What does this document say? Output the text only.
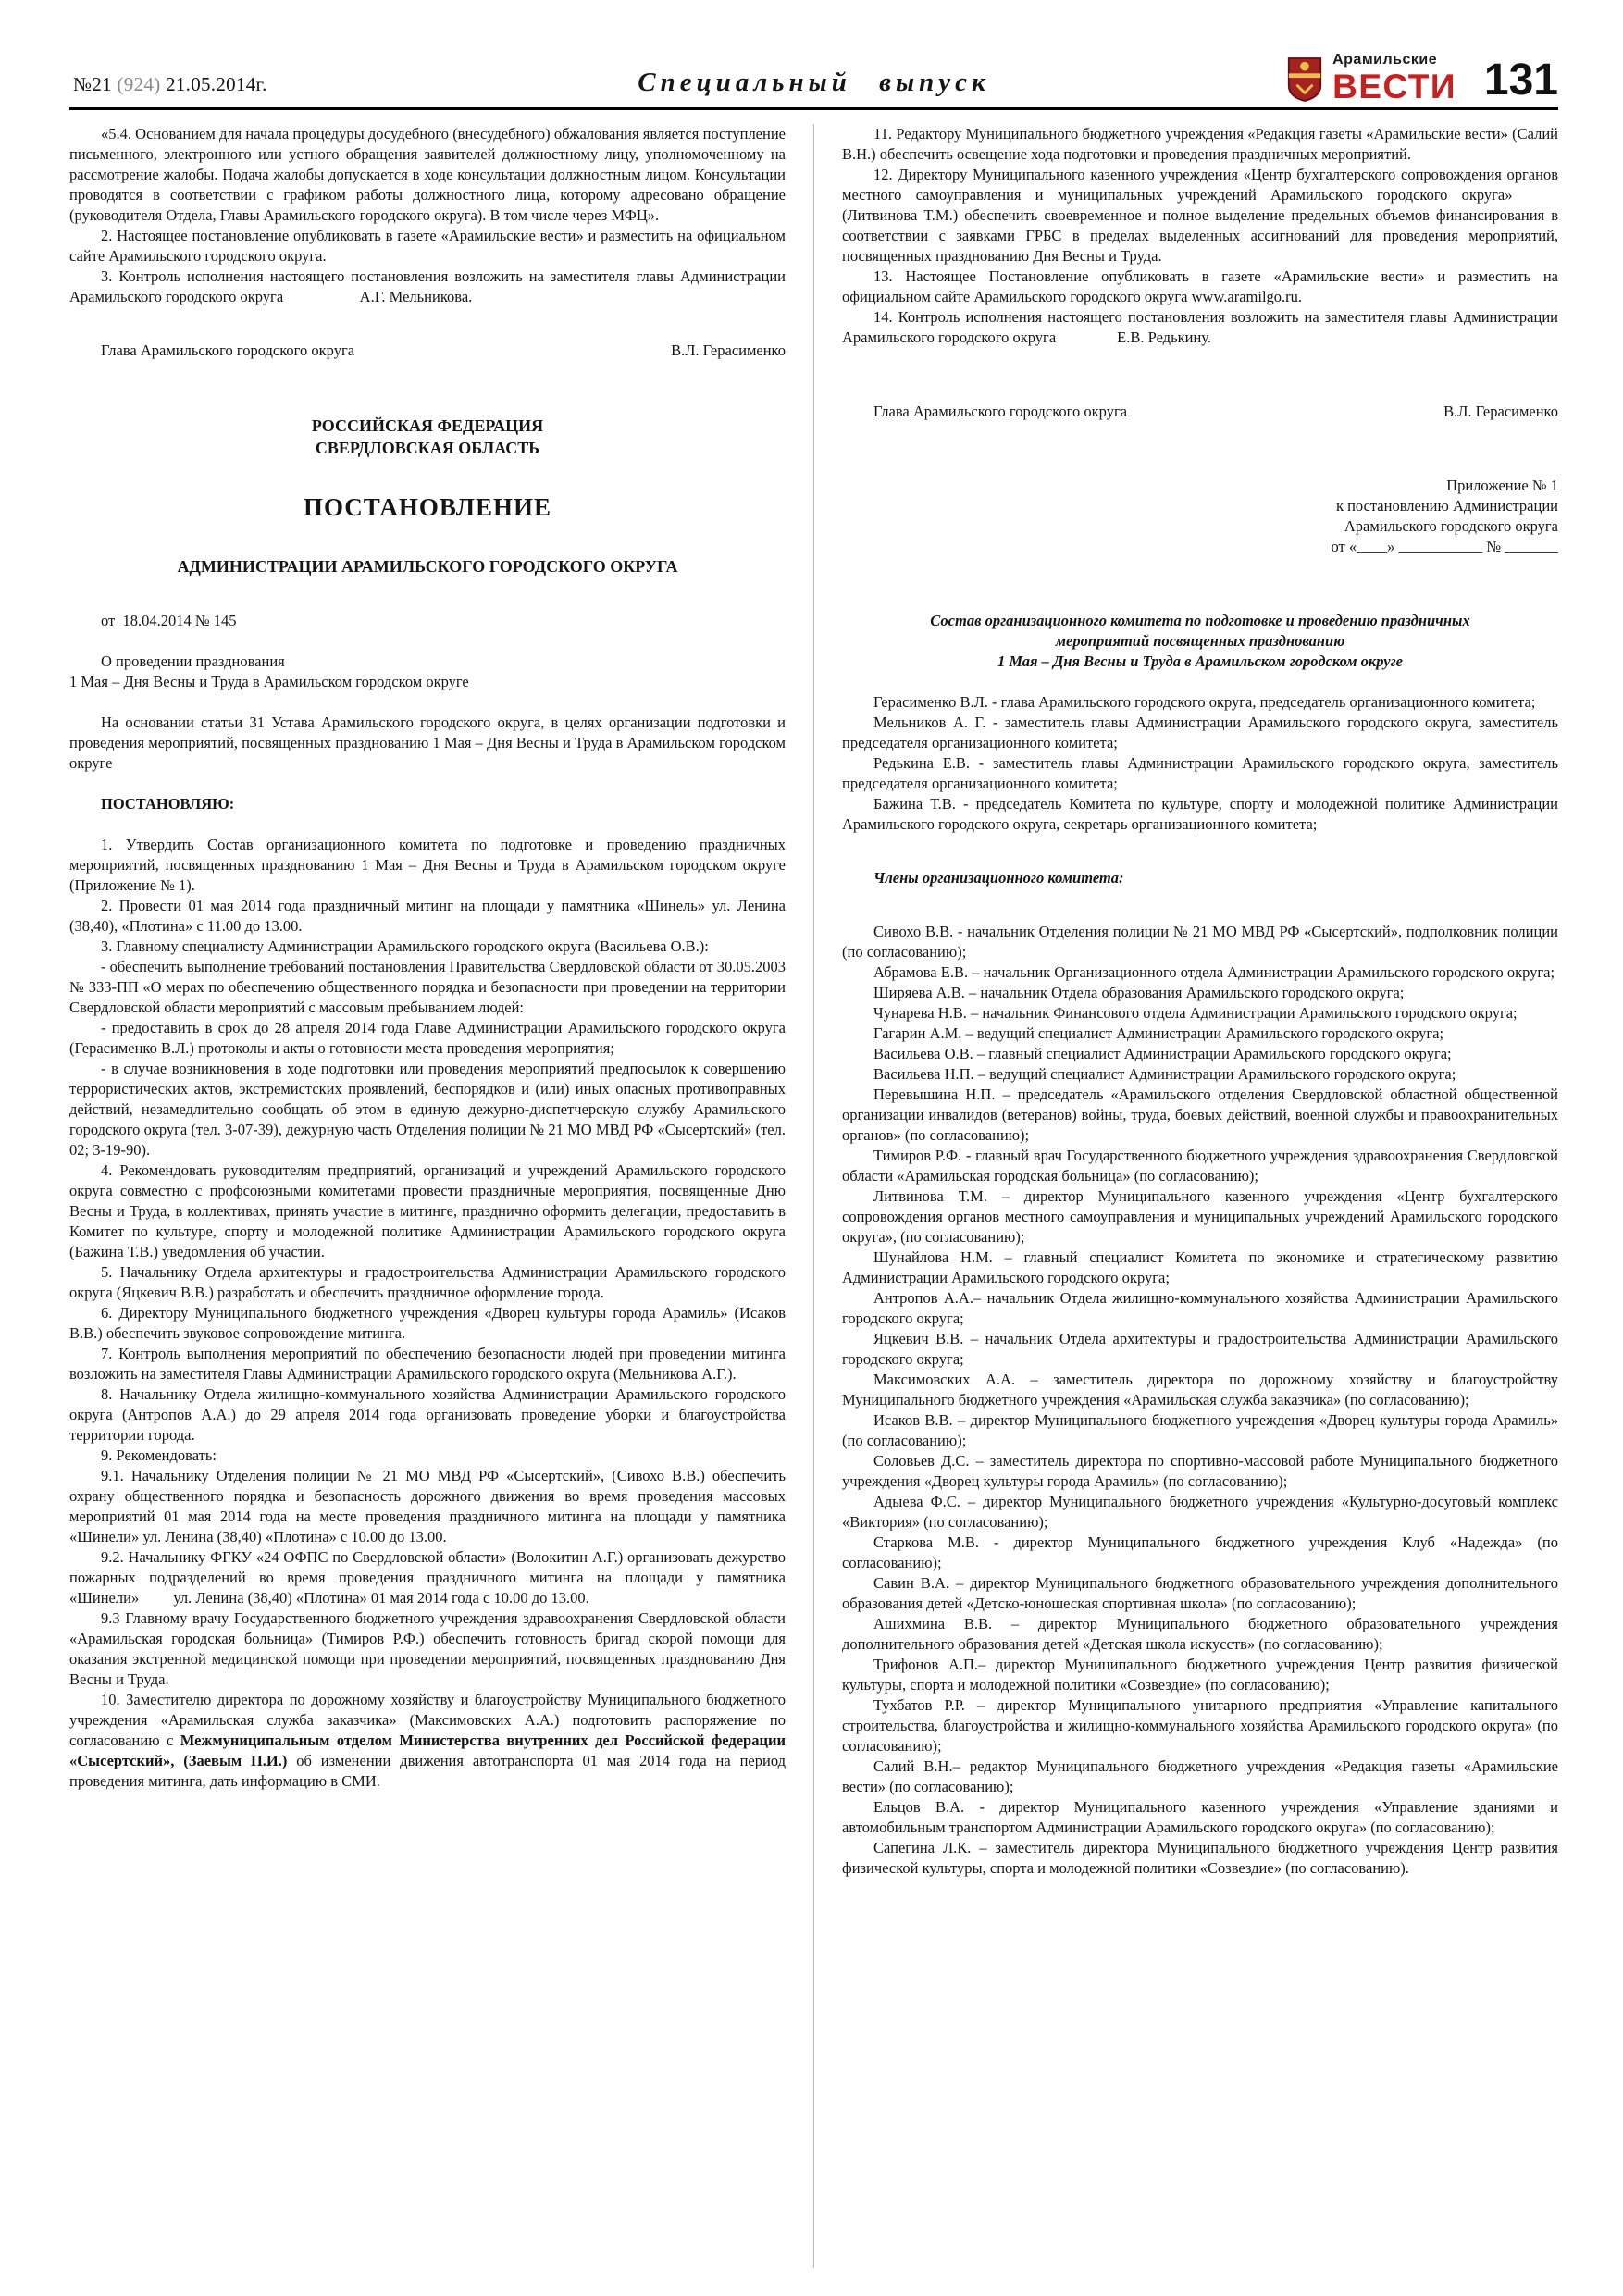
№21 (924) 21.05.2014г.	Специальный выпуск
Арамильские
ВЕСТИ 131

«5.4. Основанием для начала процедуры досудебного (внесудебного) обжалования является поступление письменного, электронного или устного обращения заявителей должностному лицу, уполномоченному на рассмотрение жалобы. Подача жалобы допускается в ходе консультации должностным лицом. Консультации проводятся в соответствии с графиком работы должностного лица, которому адресовано обращение (руководителя Отдела, Главы Арамильского городского округа). В том числе через МФЦ».

2. Настоящее постановление опубликовать в газете «Арамильские вести» и разместить на официальном сайте Арамильского городского округа.

3. Контроль исполнения настоящего постановления возложить на заместителя главы Администрации Арамильского городского округа     А.Г. Мельникова.

Глава Арамильского городского округа	В.Л. Герасименко

РОССИЙСКАЯ ФЕДЕРАЦИЯ
СВЕРДЛОВСКАЯ ОБЛАСТЬ

ПОСТАНОВЛЕНИЕ

АДМИНИСТРАЦИИ АРАМИЛЬСКОГО ГОРОДСКОГО ОКРУГА

от_18.04.2014 № 145

О проведении празднования
1 Мая – Дня Весны и Труда в Арамильском городском округе

На основании статьи 31 Устава Арамильского городского округа, в целях организации подготовки и проведения мероприятий, посвященных празднованию 1 Мая – Дня Весны и Труда в Арамильском городском округе

ПОСТАНОВЛЯЮ:

1. Утвердить Состав организационного комитета по подготовке и проведению праздничных мероприятий, посвященных празднованию 1 Мая – Дня Весны и Труда в Арамильском городском округе (Приложение № 1).

2. Провести 01 мая 2014 года праздничный митинг на площади у памятника «Шинель» ул. Ленина (38,40), «Плотина» с 11.00 до 13.00.

3. Главному специалисту Администрации Арамильского городского округа (Васильева О.В.):

- обеспечить выполнение требований постановления Правительства Свердловской области от 30.05.2003 № 333-ПП «О мерах по обеспечению общественного порядка и безопасности при проведении на территории Свердловской области мероприятий с массовым пребыванием людей:

- предоставить в срок до 28 апреля 2014 года Главе Администрации Арамильского городского округа (Герасименко В.Л.) протоколы и акты о готовности места проведения мероприятия;

- в случае возникновения в ходе подготовки или проведения мероприятий предпосылок к совершению террористических актов, экстремистских проявлений, беспорядков и (или) иных опасных противоправных действий, незамедлительно сообщать об этом в единую дежурно-диспетчерскую службу Арамильского городского округа (тел. 3-07-39), дежурную часть Отделения полиции № 21 МО МВД РФ «Сысертский» (тел. 02; 3-19-90).

4. Рекомендовать руководителям предприятий, организаций и учреждений Арамильского городского округа совместно с профсоюзными комитетами провести праздничные мероприятия, посвященные Дню Весны и Труда, в коллективах, принять участие в митинге, празднично оформить делегации, предоставить в Комитет по культуре, спорту и молодежной политике Администрации Арамильского городского округа (Бажина Т.В.) уведомления об участии.

5. Начальнику Отдела архитектуры и градостроительства Администрации Арамильского городского округа (Яцкевич В.В.) разработать и обеспечить праздничное оформление города.

6. Директору Муниципального бюджетного учреждения «Дворец культуры города Арамиль» (Исаков В.В.) обеспечить звуковое сопровождение митинга.

7. Контроль выполнения мероприятий по обеспечению безопасности людей при проведении митинга возложить на заместителя Главы Администрации Арамильского городского округа (Мельникова А.Г.).

8. Начальнику Отдела жилищно-коммунального хозяйства Администрации Арамильского городского округа (Антропов А.А.) до 29 апреля 2014 года организовать проведение уборки и благоустройства территории города.

9. Рекомендовать:

9.1. Начальнику Отделения полиции № 21 МО МВД РФ «Сысертский», (Сивохо В.В.) обеспечить охрану общественного порядка и безопасность дорожного движения во время проведения массовых мероприятий 01 мая 2014 года на месте проведения праздничного митинга на площади у памятника «Шинели» ул. Ленина (38,40) «Плотина» с 10.00 до 13.00.

9.2. Начальнику ФГКУ «24 ОФПС по Свердловской области» (Волокитин А.Г.) организовать дежурство пожарных подразделений во время проведения праздничного митинга на площади у памятника «Шинели»   ул. Ленина (38,40) «Плотина» 01 мая 2014 года с 10.00 до 13.00.

9.3 Главному врачу Государственного бюджетного учреждения здравоохранения Свердловской области «Арамильская городская больница» (Тимиров Р.Ф.) обеспечить готовность бригад скорой помощи для оказания экстренной медицинской помощи при проведении мероприятий, посвященных празднованию Дня Весны и Труда.

10. Заместителю директора по дорожному хозяйству и благоустройству Муниципального бюджетного учреждения «Арамильская служба заказчика» (Максимовских А.А.) подготовить распоряжение по согласованию с Межмуниципальным отделом Министерства внутренних дел Российской федерации «Сысертский», (Заевым П.И.) об изменении движения автотранспорта 01 мая 2014 года на период проведения митинга, дать информацию в СМИ.

11. Редактору Муниципального бюджетного учреждения «Редакция газеты «Арамильские вести» (Салий В.Н.) обеспечить освещение хода подготовки и проведения праздничных мероприятий.

12. Директору Муниципального казенного учреждения «Центр бухгалтерского сопровождения органов местного самоуправления и муниципальных учреждений Арамильского городского округа»   (Литвинова Т.М.) обеспечить своевременное и полное выделение предельных объемов финансирования в соответствии с заявками ГРБС в пределах выделенных ассигнований для проведения мероприятий, посвященных празднованию Дня Весны и Труда.

13. Настоящее Постановление опубликовать в газете «Арамильские вести» и разместить на официальном сайте Арамильского городского округа www.aramilgo.ru.

14. Контроль исполнения настоящего постановления возложить на заместителя главы Администрации Арамильского городского округа    Е.В. Редькину.

Глава Арамильского городского округа	В.Л. Герасименко

Приложение № 1
к постановлению Администрации
Арамильского городского округа
от «____» ___________ № _______

Состав организационного комитета по подготовке и проведению праздничных
мероприятий посвященных празднованию
1 Мая – Дня Весны и Труда в Арамильском городском округе

Герасименко В.Л. - глава Арамильского городского округа, председатель организационного комитета;

Мельников А. Г. - заместитель главы Администрации Арамильского городского округа, заместитель председателя организационного комитета;

Редькина Е.В. - заместитель главы Администрации Арамильского городского округа, заместитель председателя организационного комитета;

Бажина Т.В. - председатель Комитета по культуре, спорту и молодежной политике Администрации Арамильского городского округа, секретарь организационного комитета;

Члены организационного комитета:

Сивохо В.В. - начальник Отделения полиции № 21 МО МВД РФ «Сысертский», подполковник полиции (по согласованию);

Абрамова Е.В. – начальник Организационного отдела Администрации Арамильского городского округа;

Ширяева А.В. – начальник Отдела образования Арамильского городского округа;

Чунарева Н.В. – начальник Финансового отдела Администрации Арамильского городского округа;

Гагарин А.М. – ведущий специалист Администрации Арамильского городского округа;

Васильева О.В. – главный специалист Администрации Арамильского городского округа;

Васильева Н.П. – ведущий специалист Администрации Арамильского городского округа;

Перевышина Н.П. – председатель «Арамильского отделения Свердловской областной общественной организации инвалидов (ветеранов) войны, труда, боевых действий, военной службы и правоохранительных органов» (по согласованию);

Тимиров Р.Ф. - главный врач Государственного бюджетного учреждения здравоохранения Свердловской области «Арамильская городская больница» (по согласованию);

Литвинова Т.М. – директор Муниципального казенного учреждения «Центр бухгалтерского сопровождения органов местного самоуправления и муниципальных учреждений Арамильского городского округа», (по согласованию);

Шунайлова Н.М. – главный специалист Комитета по экономике и стратегическому развитию Администрации Арамильского городского округа;

Антропов А.А.– начальник Отдела жилищно-коммунального хозяйства Администрации Арамильского городского округа;

Яцкевич В.В. – начальник Отдела архитектуры и градостроительства Администрации Арамильского городского округа;

Максимовских А.А. – заместитель директора по дорожному хозяйству и благоустройству Муниципального бюджетного учреждения «Арамильская служба заказчика» (по согласованию);

Исаков В.В. – директор Муниципального бюджетного учреждения «Дворец культуры города Арамиль» (по согласованию);

Соловьев Д.С. – заместитель директора по спортивно-массовой работе Муниципального бюджетного учреждения «Дворец культуры города Арамиль» (по согласованию);

Адыева Ф.С. – директор Муниципального бюджетного учреждения «Культурно-досуговый комплекс «Виктория» (по согласованию);

Старкова М.В. - директор Муниципального бюджетного учреждения Клуб «Надежда» (по согласованию);

Савин В.А. – директор Муниципального бюджетного образовательного учреждения дополнительного образования детей «Детско-юношеская спортивная школа» (по согласованию);

Ашихмина В.В. – директор Муниципального бюджетного образовательного учреждения дополнительного образования детей «Детская школа искусств» (по согласованию);

Трифонов А.П.– директор Муниципального бюджетного учреждения Центр развития физической культуры, спорта и молодежной политики «Созвездие» (по согласованию);

Тухбатов Р.Р. – директор Муниципального унитарного предприятия «Управление капитального строительства, благоустройства и жилищно-коммунального хозяйства Арамильского городского округа» (по согласованию);

Салий В.Н.– редактор Муниципального бюджетного учреждения «Редакция газеты «Арамильские вести» (по согласованию);

Ельцов В.А. - директор Муниципального казенного учреждения «Управление зданиями и автомобильным транспортом Администрации Арамильского городского округа» (по согласованию);

Сапегина Л.К. – заместитель директора Муниципального бюджетного учреждения Центр развития физической культуры, спорта и молодежной политики «Созвездие» (по согласованию).
